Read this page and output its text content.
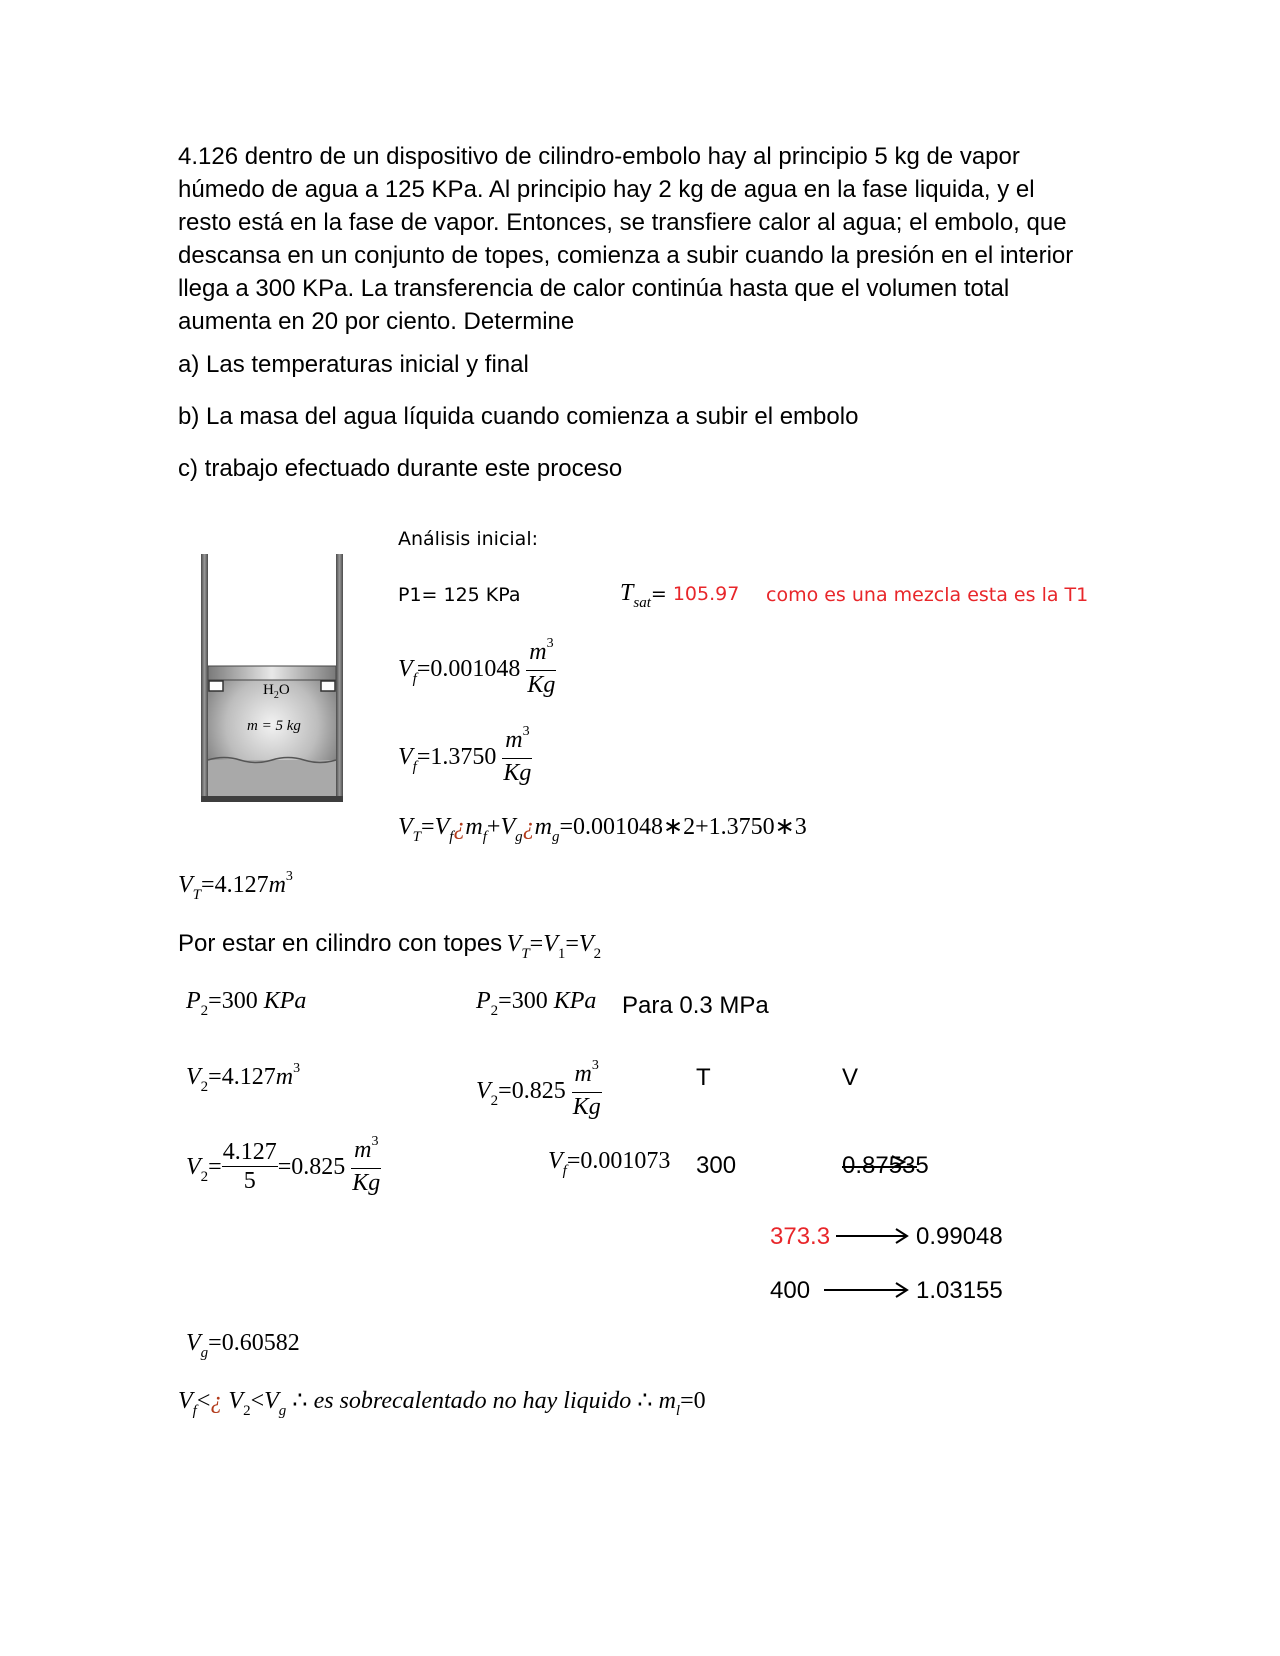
4.126 dentro de un dispositivo de cilindro-embolo hay al principio 5 kg de vapor húmedo de agua a 125 KPa. Al principio hay 2 kg de agua en la fase liquida, y el resto está en la fase de vapor. Entonces, se transfiere calor al agua; el embolo, que descansa en un conjunto de topes, comienza a subir cuando la presión en el interior llega a 300 KPa. La transferencia de calor continúa hasta que el volumen total aumenta en 20 por ciento. Determine
a) Las temperaturas inicial y final
b) La masa del agua líquida cuando comienza a subir el embolo
c) trabajo efectuado durante este proceso
$H_2O$
m = 5 kg
Análisis inicial:
P1= 125 KPa	$T_{sat}= 105.97$ como es una mezcla esta es la T1
$V_f=0.001048 \frac{m^3}{Kg}$
$V_f=1.3750 \frac{m^3}{Kg}$
$V_T=V_f¿m_f+V_g¿m_g=0.001048∗2+1.3750∗3$
$V_T=4.127m^3$
Por estar en cilindro con topes $V_T=V_1=V_2$
$P_2=300$ KPa
$V_2=4.127m^3$
$V_2= \frac{4.127}{5} =0.825 \frac{m^3}{Kg}$
$P_2=300$ KPa Para 0.3 MPa
$V_2=0.825 \frac{m^3}{Kg}$
$V_f=0.001073$
T	V
300	0.87535
373.3	0.99048
400	1.03155
$V_g=0.60582$
$V_f<¿$ $V_2<V_g$ ∴ es sobrecalentado no hay liquido ∴ $m_l=0$
